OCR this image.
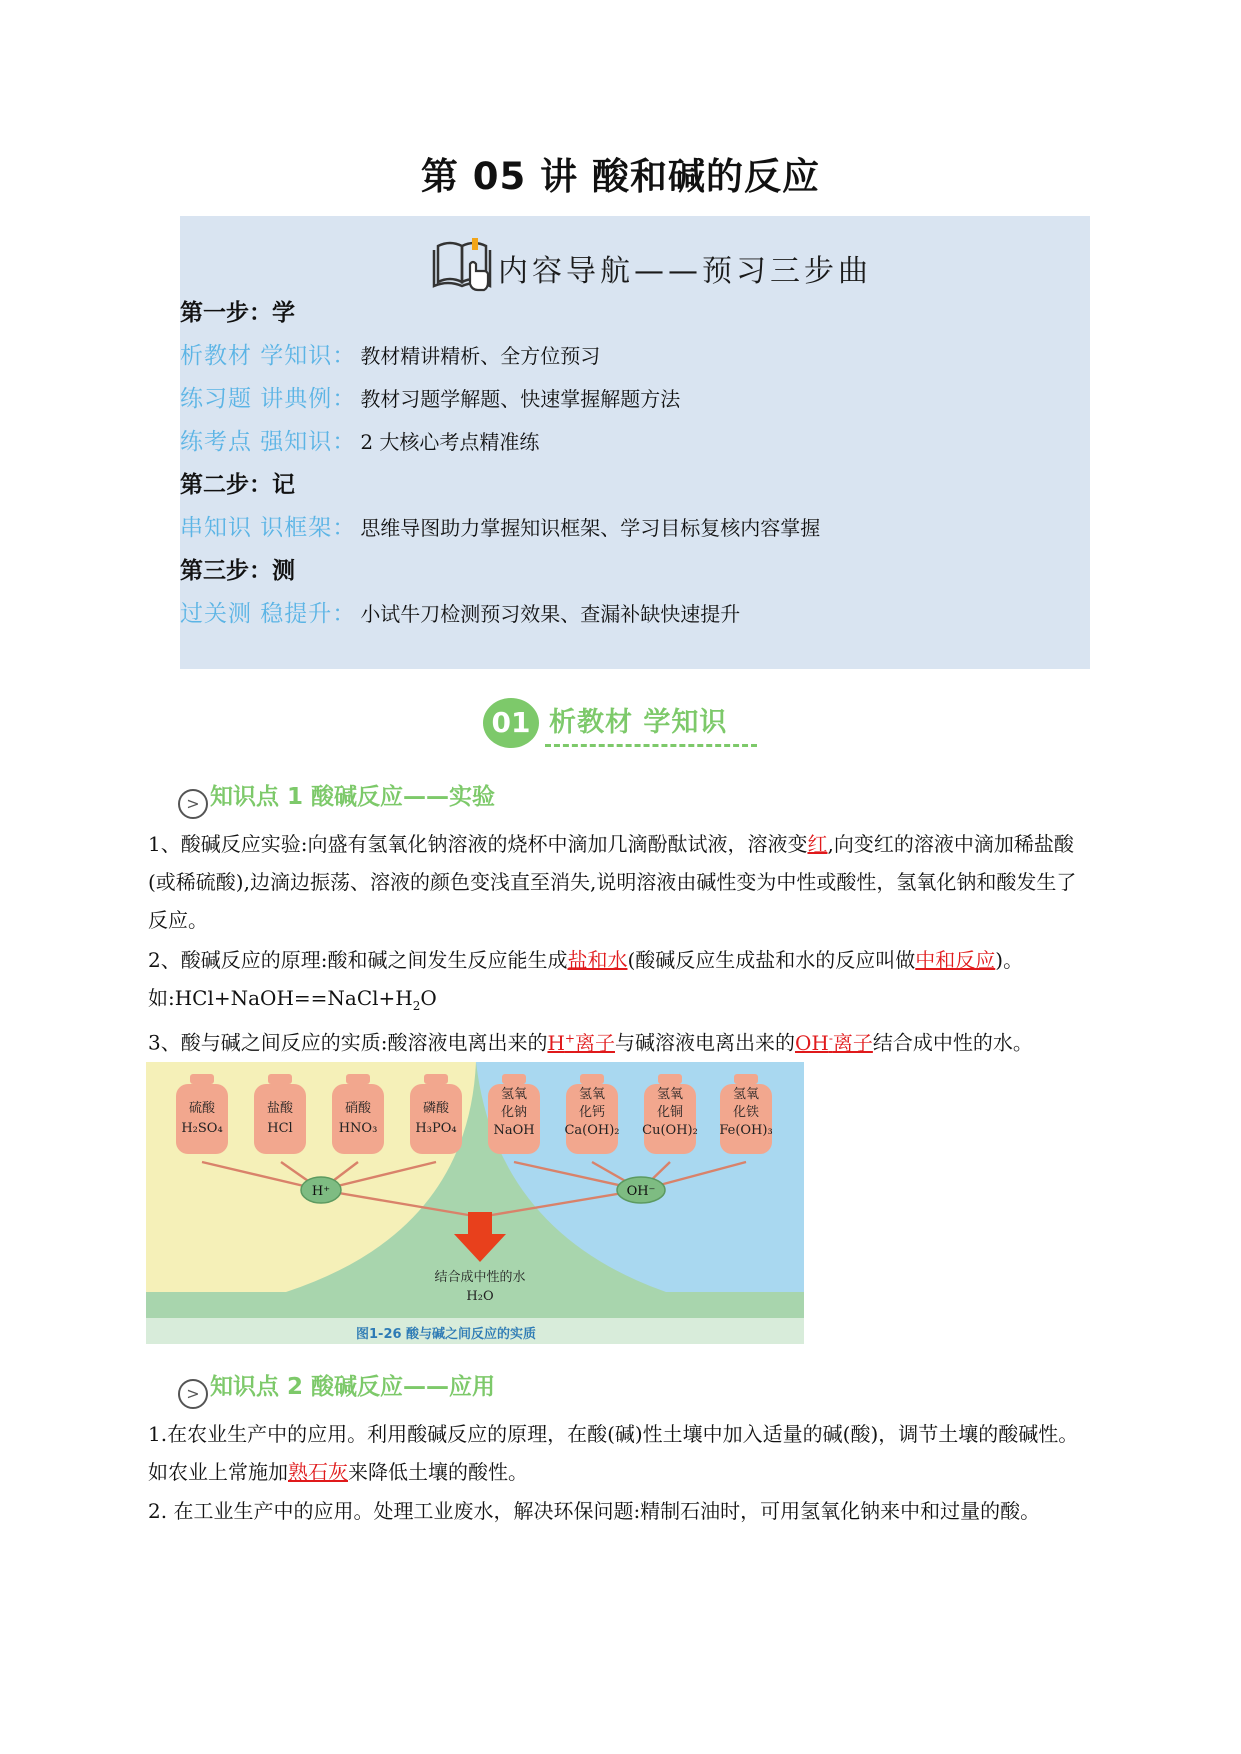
第 05 讲 酸和碱的反应
内容导航——预习三步曲
第一步：学
析教材 学知识： 教材精讲精析、全方位预习
练习题 讲典例： 教材习题学解题、快速掌握解题方法
练考点 强知识： 2 大核心考点精准练
第二步：记
串知识 识框架： 思维导图助力掌握知识框架、学习目标复核内容掌握
第三步：测
过关测 稳提升： 小试牛刀检测预习效果、查漏补缺快速提升
01 析教材 学知识
> 知识点 1 酸碱反应——实验
1、酸碱反应实验:向盛有氢氧化钠溶液的烧杯中滴加几滴酚酞试液，溶液变红,向变红的溶液中滴加稀盐酸(或稀硫酸),边滴边振荡、溶液的颜色变浅直至消失,说明溶液由碱性变为中性或酸性，氢氧化钠和酸发生了反应。
2、酸碱反应的原理:酸和碱之间发生反应能生成盐和水(酸碱反应生成盐和水的反应叫做中和反应)。
如$:HCl+NaOH==NaCl+H_2O$
3、酸与碱之间反应的实质:酸溶液电离出来的H+离子与碱溶液电离出来的OH-离子结合成中性的水。
硫酸
H₂SO₄
盐酸
HCl
硝酸
HNO₃
磷酸
H₃PO₄
氢氧
化钠
NaOH
氢氧
化钙
Ca(OH)₂
氢氧
化铜
Cu(OH)₂
氢氧
化铁
Fe(OH)₃
H⁺	OH⁻
结合成中性的水
H₂O
图1-26 酸与碱之间反应的实质
> 知识点 2 酸碱反应——应用
1.在农业生产中的应用。利用酸碱反应的原理，在酸(碱)性土壤中加入适量的碱(酸)，调节土壤的酸碱性。如农业上常施加熟石灰来降低土壤的酸性。
2. 在工业生产中的应用。处理工业废水，解决环保问题:精制石油时，可用氢氧化钠来中和过量的酸。
